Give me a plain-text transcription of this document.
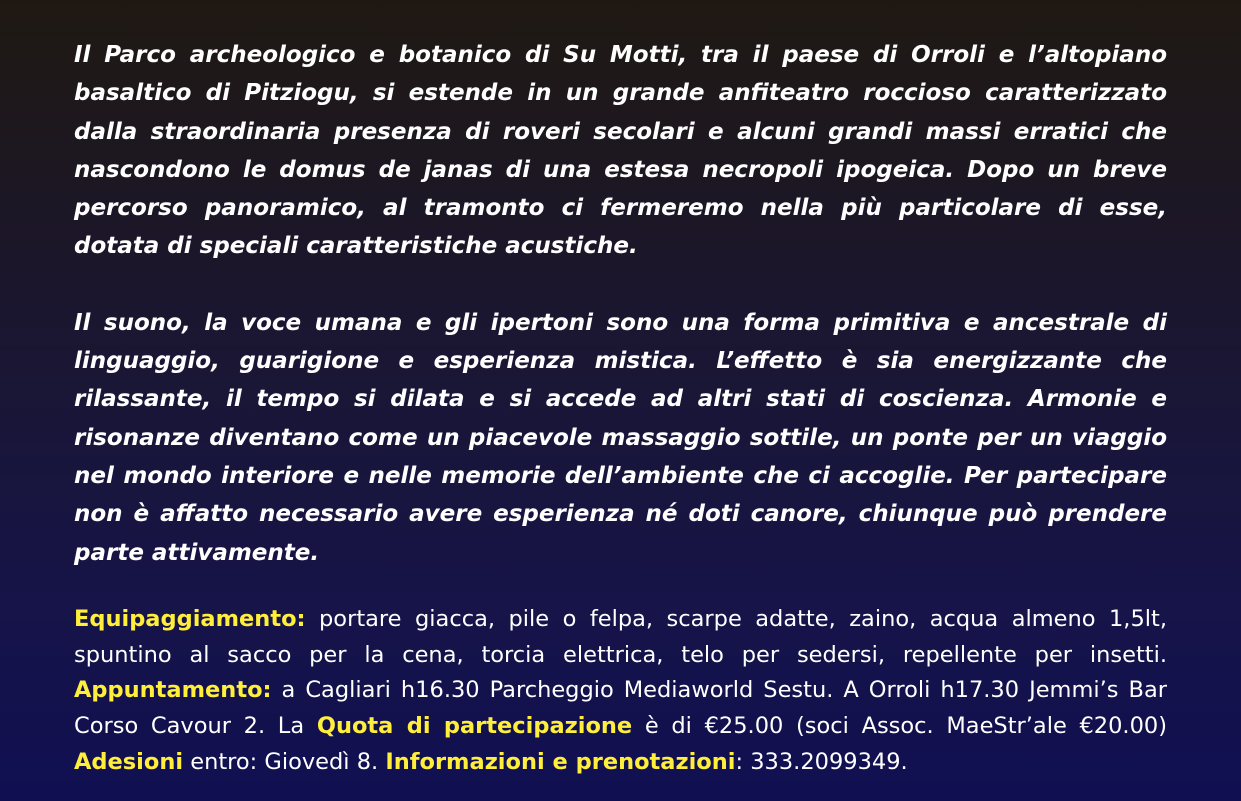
Il Parco archeologico e botanico di Su Motti, tra il paese di Orroli e l’altopiano basaltico di Pitziogu, si estende in un grande anfiteatro roccioso caratterizzato dalla straordinaria presenza di roveri secolari e alcuni grandi massi erratici che nascondono le domus de janas di una estesa necropoli ipogeica. Dopo un breve percorso panoramico, al tramonto ci fermeremo nella più particolare di esse, dotata di speciali caratteristiche acustiche.

Il suono, la voce umana e gli ipertoni sono una forma primitiva e ancestrale di linguaggio, guarigione e esperienza mistica. L’effetto è sia energizzante che rilassante, il tempo si dilata e si accede ad altri stati di coscienza. Armonie e risonanze diventano come un piacevole massaggio sottile, un ponte per un viaggio nel mondo interiore e nelle memorie dell’ambiente che ci accoglie. Per partecipare non è affatto necessario avere esperienza né doti canore, chiunque può prendere parte attivamente.

Equipaggiamento: portare giacca, pile o felpa, scarpe adatte, zaino, acqua almeno 1,5lt, spuntino al sacco per la cena, torcia elettrica, telo per sedersi, repellente per insetti. Appuntamento: a Cagliari h16.30 Parcheggio Mediaworld Sestu. A Orroli h17.30 Jemmi’s Bar Corso Cavour 2. La Quota di partecipazione è di €25.00 (soci Assoc. MaeStr’ale €20.00) Adesioni entro: Giovedì 8. Informazioni e prenotazioni: 333.2099349.
